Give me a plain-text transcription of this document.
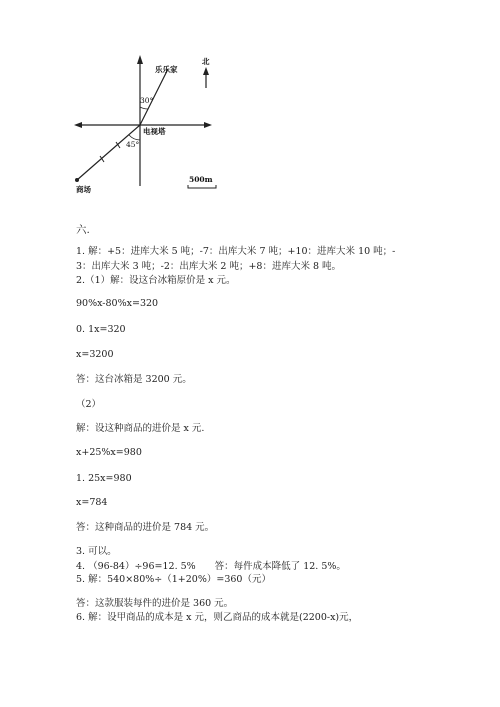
乐乐家
北
30°
电视塔
45°
商场
500m
六.
1. 解：+5：进库大米 5 吨；-7：出库大米 7 吨；+10：进库大米 10 吨；-
3：出库大米 3 吨；-2：出库大米 2 吨；+8：进库大米 8 吨。
2.（1）解：设这台冰箱原价是 x 元。
90%x-80%x=320
0. 1x=320
x=3200
答：这台冰箱是 3200 元。
（2）
解：设这种商品的进价是 x 元.
x+25%x=980
1. 25x=980
x=784
答：这种商品的进价是 784 元。
3. 可以。
4. （96-84）÷96=12. 5%　　答：每件成本降低了 12. 5%。
5. 解：540×80%÷（1+20%）=360（元）
答：这款服装每件的进价是 360 元。
6. 解：设甲商品的成本是 x 元，则乙商品的成本就是(2200-x)元，
